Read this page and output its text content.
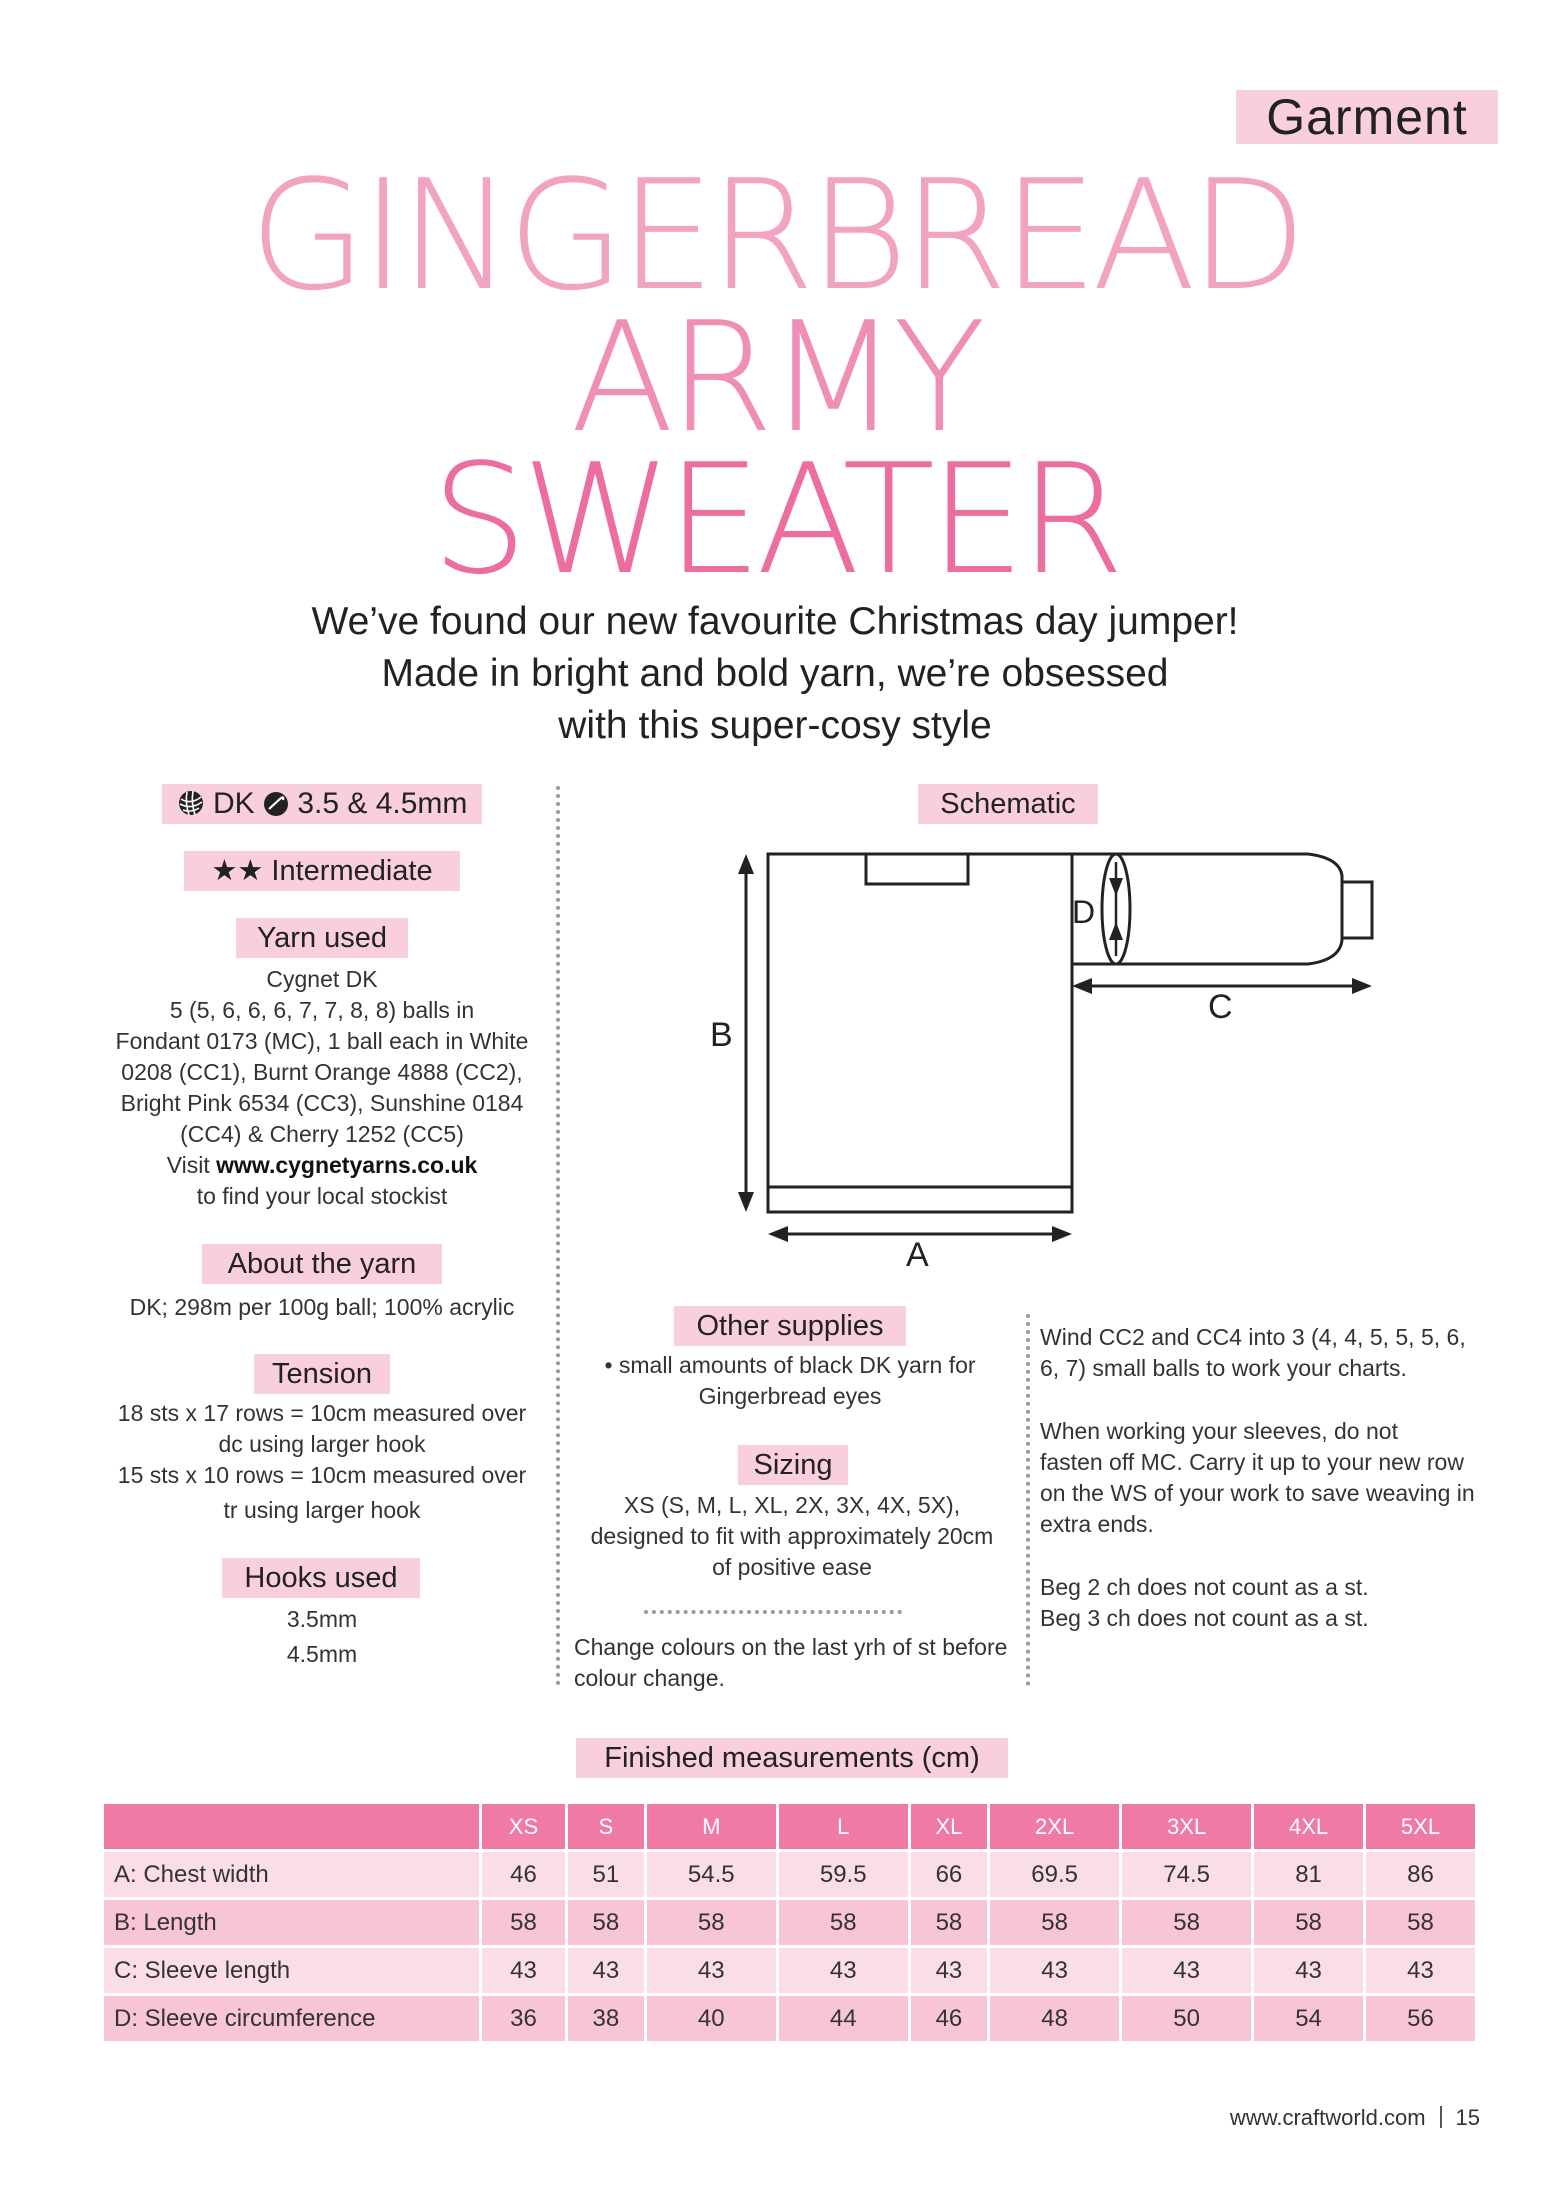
Garment
GINGERBREAD
ARMY
SWEATER
We’ve found our new favourite Christmas day jumper!
Made in bright and bold yarn, we’re obsessed
with this super-cosy style
DK 3.5 & 4.5mm
★★ Intermediate
Yarn used
Cygnet DK
5 (5, 6, 6, 6, 7, 7, 8, 8) balls in
Fondant 0173 (MC), 1 ball each in White
0208 (CC1), Burnt Orange 4888 (CC2),
Bright Pink 6534 (CC3), Sunshine 0184
(CC4) & Cherry 1252 (CC5)
Visit www.cygnetyarns.co.uk
to find your local stockist
About the yarn
DK; 298m per 100g ball; 100% acrylic
Tension
18 sts x 17 rows = 10cm measured over
dc using larger hook
15 sts x 10 rows = 10cm measured over
tr using larger hook
Hooks used
3.5mm
4.5mm
Schematic
B
A
C
D
Other supplies
• small amounts of black DK yarn for
Gingerbread eyes
Sizing
XS (S, M, L, XL, 2X, 3X, 4X, 5X),
designed to fit with approximately 20cm
of positive ease
Change colours on the last yrh of st before
colour change.
Wind CC2 and CC4 into 3 (4, 4, 5, 5, 5, 6,
6, 7) small balls to work your charts.
When working your sleeves, do not
fasten off MC. Carry it up to your new row
on the WS of your work to save weaving in
extra ends.
Beg 2 ch does not count as a st.
Beg 3 ch does not count as a st.
Finished measurements (cm)
	XS	S	M	L	XL	2XL	3XL	4XL	5XL
A: Chest width	46	51	54.5	59.5	66	69.5	74.5	81	86
B: Length	58	58	58	58	58	58	58	58	58
C: Sleeve length	43	43	43	43	43	43	43	43	43
D: Sleeve circumference	36	38	40	44	46	48	50	54	56
www.craftworld.com 15
